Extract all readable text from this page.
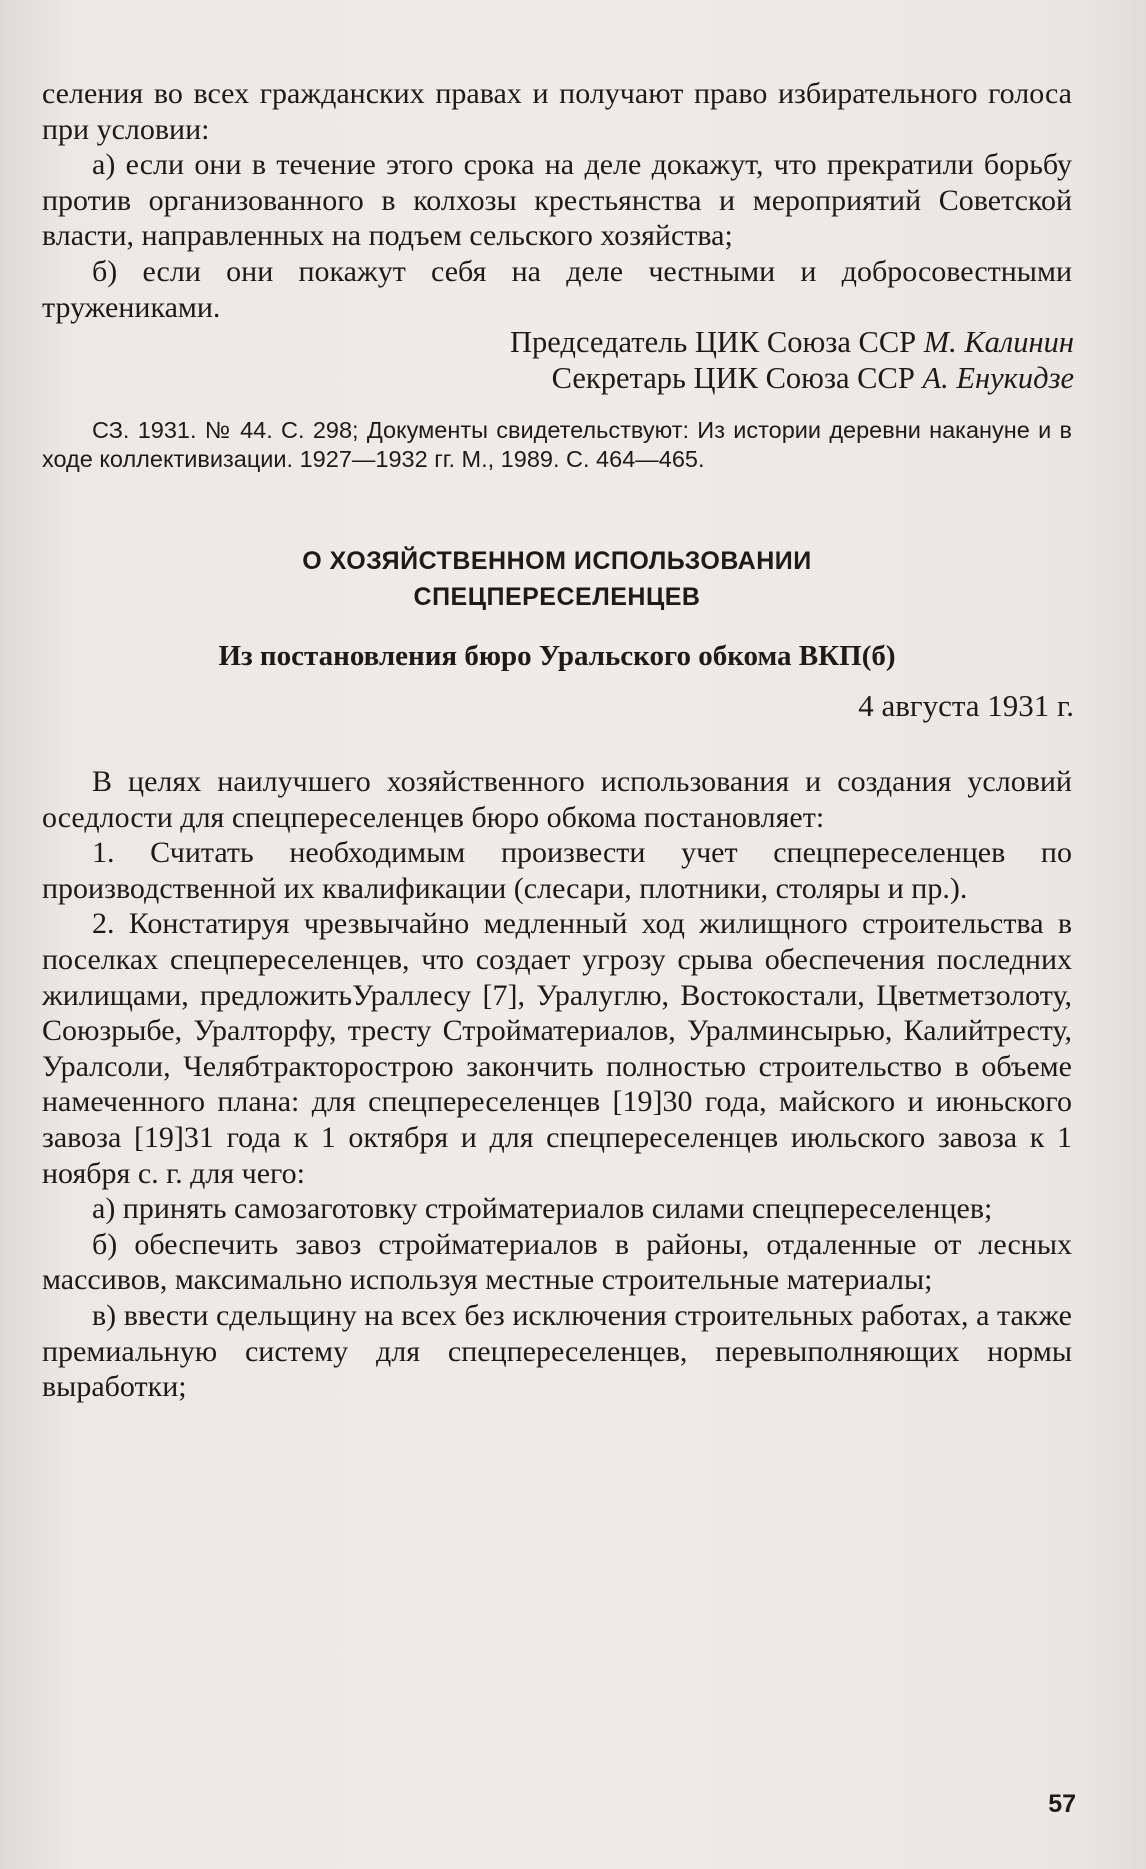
селения во всех гражданских правах и получают право избирательного голоса при условии:

а) если они в течение этого срока на деле докажут, что прекратили борьбу против организованного в колхозы крестьянства и мероприятий Советской власти, направленных на подъем сельского хозяйства;

б) если они покажут себя на деле честными и добросовестными тружениками.

Председатель ЦИК Союза ССР М. Калинин
Секретарь ЦИК Союза ССР А. Енукидзе

СЗ. 1931. № 44. С. 298; Документы свидетельствуют: Из истории деревни накануне и в ходе коллективизации. 1927—1932 гг. М., 1989. С. 464—465.

О ХОЗЯЙСТВЕННОМ ИСПОЛЬЗОВАНИИ
СПЕЦПЕРЕСЕЛЕНЦЕВ
Из постановления бюро Уральского обкома ВКП(б)
4 августа 1931 г.

В целях наилучшего хозяйственного использования и создания условий оседлости для спецпереселенцев бюро обкома постановляет:

1. Считать необходимым произвести учет спецпереселенцев по производственной их квалификации (слесари, плотники, столяры и пр.).

2. Констатируя чрезвычайно медленный ход жилищного строительства в поселках спецпереселенцев, что создает угрозу срыва обеспечения последних жилищами, предложитьУраллесу [7], Уралуглю, Востокостали, Цветметзолоту, Союзрыбе, Уралторфу, тресту Стройматериалов, Уралминсырью, Калийтресту, Уралсоли, Челябтракторострою закончить полностью строительство в объеме намеченного плана: для спецпереселенцев [19]30 года, майского и июньского завоза [19]31 года к 1 октября и для спецпереселенцев июльского завоза к 1 ноября с. г. для чего:

а) принять самозаготовку стройматериалов силами спецпереселенцев;

б) обеспечить завоз стройматериалов в районы, отдаленные от лесных массивов, максимально используя местные строительные материалы;

в) ввести сдельщину на всех без исключения строительных работах, а также премиальную систему для спецпереселенцев, перевыполняющих нормы выработки;

57
